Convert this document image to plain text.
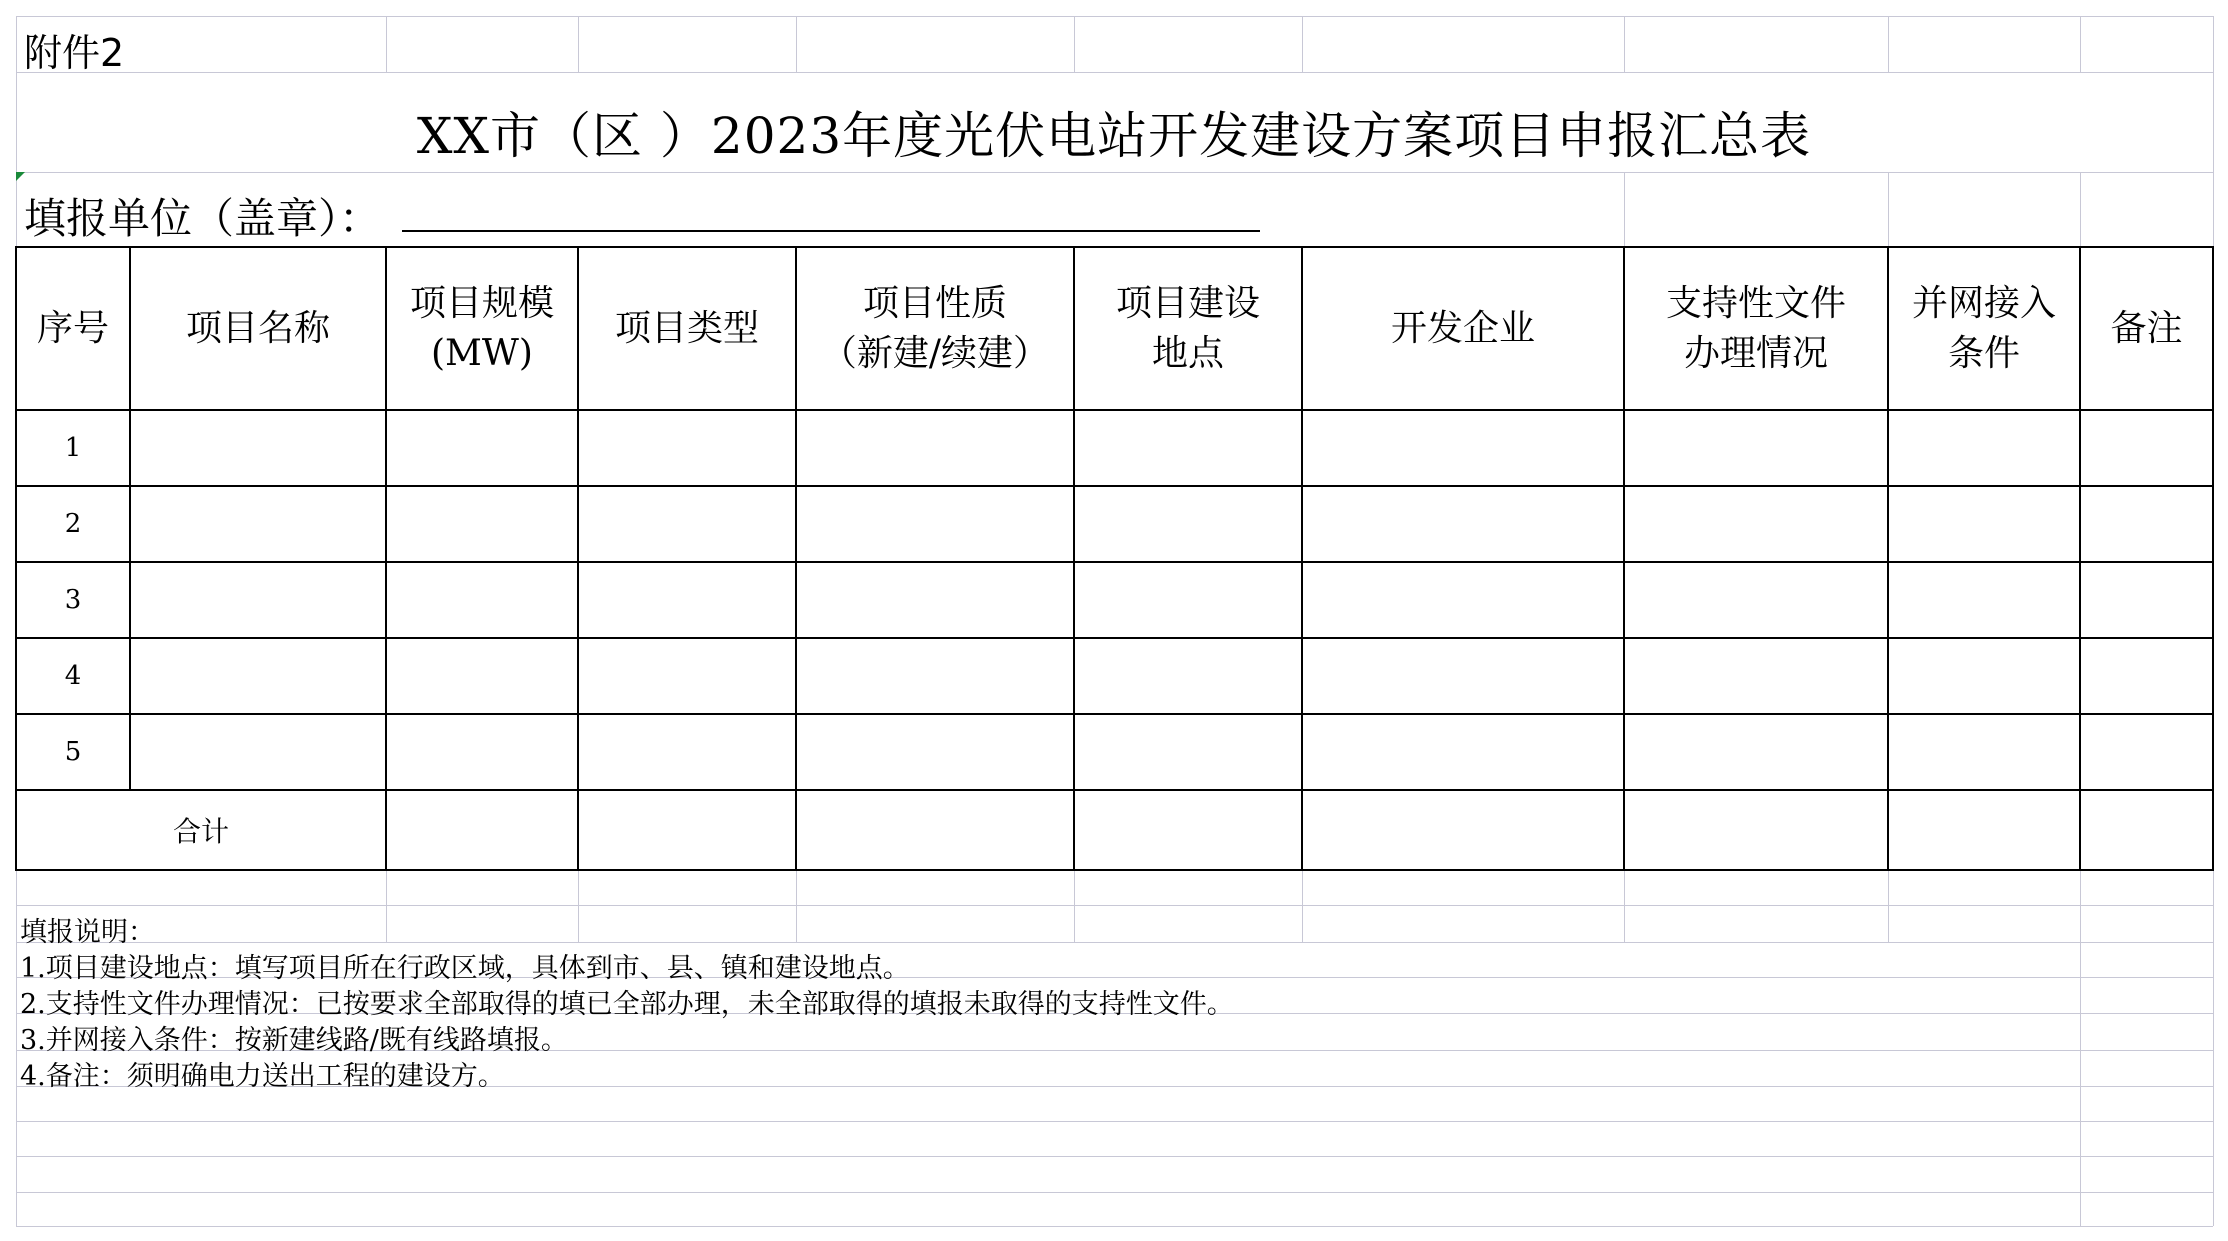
附件2
XX市（区 ）2023年度光伏电站开发建设方案项目申报汇总表
填报单位（盖章）：
序号	项目名称
项目规模
(MW)
项目类型
项目性质
（新建/续建）
项目建设
地点
开发企业
支持性文件
办理情况
并网接入
条件
备注
1
2
3
4
5
合计
填报说明：
1.项目建设地点：填写项目所在行政区域，具体到市、县、镇和建设地点。
2.支持性文件办理情况：已按要求全部取得的填已全部办理，未全部取得的填报未取得的支持性文件。
3.并网接入条件：按新建线路/既有线路填报。
4.备注：须明确电力送出工程的建设方。
